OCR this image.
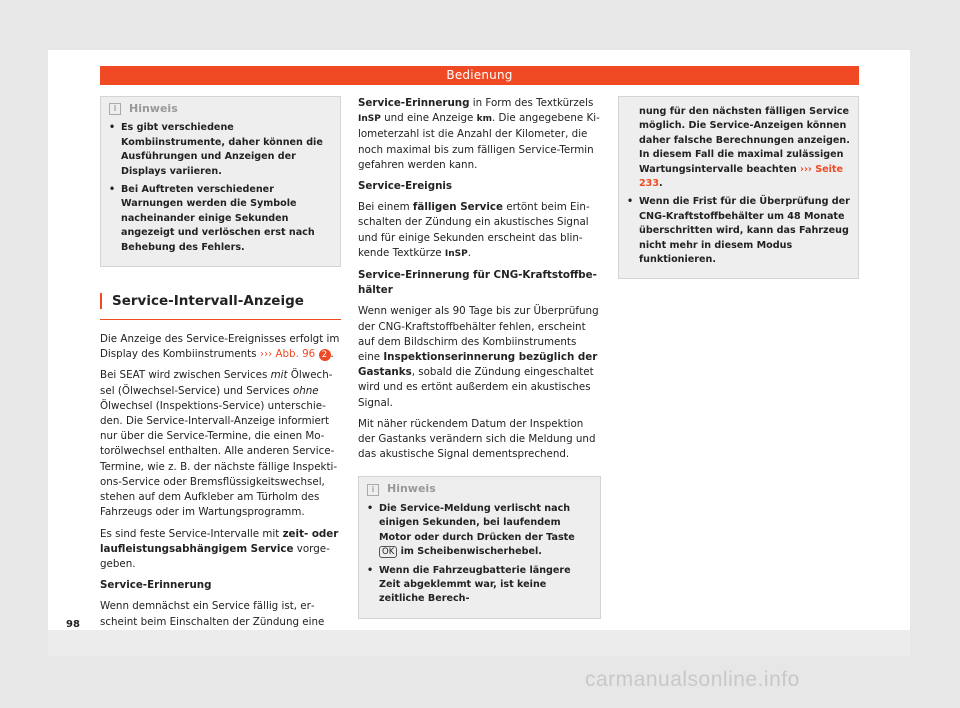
Bedienung
98
i	Hinweis
• Es gibt verschiedene Kombiinstrumente, daher können die Ausführungen und Anzeigen der Displays variieren.
• Bei Auftreten verschiedener Warnungen werden die Symbole nacheinander einige Sekunden angezeigt und verlöschen erst nach Behebung des Fehlers.
Service-Intervall-Anzeige

Die Anzeige des Service-Ereignisses erfolgt im Display des Kombiinstruments ››› Abb. 96 2 .

Bei SEAT wird zwischen Services mit Ölwechsel (Ölwechsel-Service) und Services ohne Ölwechsel (Inspektions-Service) unterschieden. Die Service-Intervall-Anzeige informiert nur über die Service-Termine, die einen Motorölwechsel enthalten. Alle anderen Service-Termine, wie z. B. der nächste fällige Inspektions-Service oder Bremsflüssigkeitswechsel, stehen auf dem Aufkleber am Türholm des Fahrzeugs oder im Wartungsprogramm.

Es sind feste Service-Intervalle mit zeit- oder laufleistungsabhängigem Service vorgegeben.

Service-Erinnerung

Wenn demnächst ein Service fällig ist, erscheint beim Einschalten der Zündung eine

Service-Erinnerung in Form des Textkürzels InSP und eine Anzeige km. Die angegebene Kilometerzahl ist die Anzahl der Kilometer, die noch maximal bis zum fälligen Service-Termin gefahren werden kann.

Service-Ereignis

Bei einem fälligen Service ertönt beim Einschalten der Zündung ein akustisches Signal und für einige Sekunden erscheint das blinkende Textkürze InSP.

Service-Erinnerung für CNG-Kraftstoffbehälter

Wenn weniger als 90 Tage bis zur Überprüfung der CNG-Kraftstoffbehälter fehlen, erscheint auf dem Bildschirm des Kombiinstruments eine Inspektionserinnerung bezüglich der Gastanks, sobald die Zündung eingeschaltet wird und es ertönt außerdem ein akustisches Signal.

Mit näher rückendem Datum der Inspektion der Gastanks verändern sich die Meldung und das akustische Signal dementsprechend.

i	Hinweis
• Die Service-Meldung verlischt nach einigen Sekunden, bei laufendem Motor oder durch Drücken der Taste OK im Scheibenwischerhebel.
• Wenn die Fahrzeugbatterie längere Zeit abgeklemmt war, ist keine zeitliche Berech-
nung für den nächsten fälligen Service möglich. Die Service-Anzeigen können daher falsche Berechnungen anzeigen. In diesem Fall die maximal zulässigen Wartungsintervalle beachten ››› Seite 233.
• Wenn die Frist für die Überprüfung der CNG-Kraftstoffbehälter um 48 Monate überschritten wird, kann das Fahrzeug nicht mehr in diesem Modus funktionieren.
carmanualsonline.info
